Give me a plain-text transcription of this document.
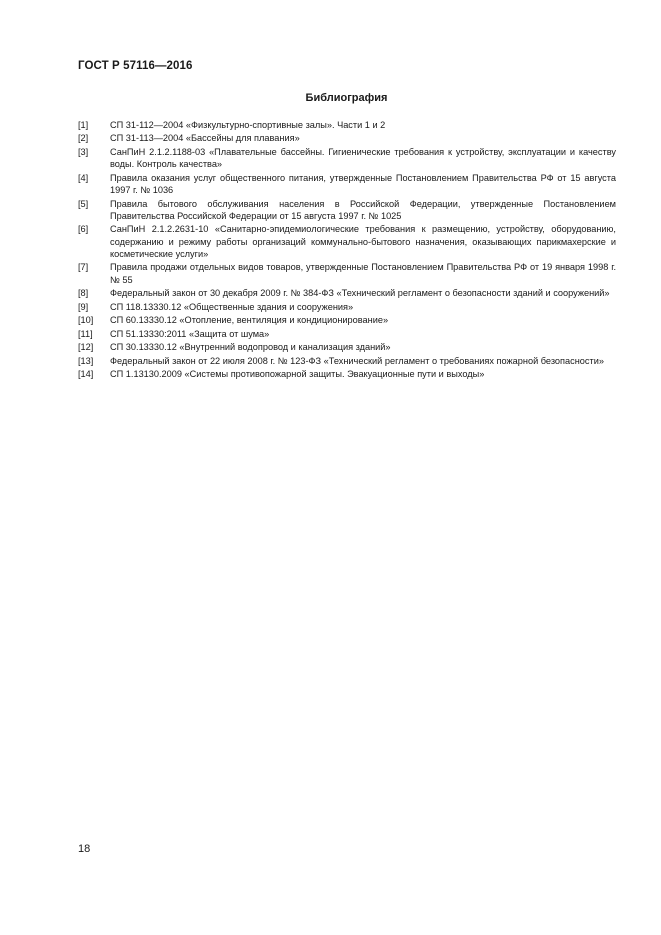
ГОСТ Р 57116—2016
Библиография
[1]	СП 31-112—2004 «Физкультурно-спортивные залы». Части 1 и 2
[2]	СП 31-113—2004 «Бассейны для плавания»
[3]	СанПиН 2.1.2.1188-03 «Плавательные бассейны. Гигиенические требования к устройству, эксплуатации и качеству воды. Контроль качества»
[4]	Правила оказания услуг общественного питания, утвержденные Постановлением Правительства РФ от 15 августа 1997 г. № 1036
[5]	Правила бытового обслуживания населения в Российской Федерации, утвержденные Постановлением Правительства Российской Федерации от 15 августа 1997 г. № 1025
[6]	СанПиН 2.1.2.2631-10 «Санитарно-эпидемиологические требования к размещению, устройству, оборудованию, содержанию и режиму работы организаций коммунально-бытового назначения, оказывающих парикмахерские и косметические услуги»
[7]	Правила продажи отдельных видов товаров, утвержденные Постановлением Правительства РФ от 19 января 1998 г. № 55
[8]	Федеральный закон от 30 декабря 2009 г. № 384-ФЗ «Технический регламент о безопасности зданий и сооружений»
[9]	СП 118.13330.12 «Общественные здания и сооружения»
[10]	СП 60.13330.12 «Отопление, вентиляция и кондиционирование»
[11]	СП 51.13330:2011 «Защита от шума»
[12]	СП 30.13330.12 «Внутренний водопровод и канализация зданий»
[13]	Федеральный закон от 22 июля 2008 г. № 123-ФЗ «Технический регламент о требованиях пожарной безопасности»
[14]	СП 1.13130.2009 «Системы противопожарной защиты. Эвакуационные пути и выходы»
18
